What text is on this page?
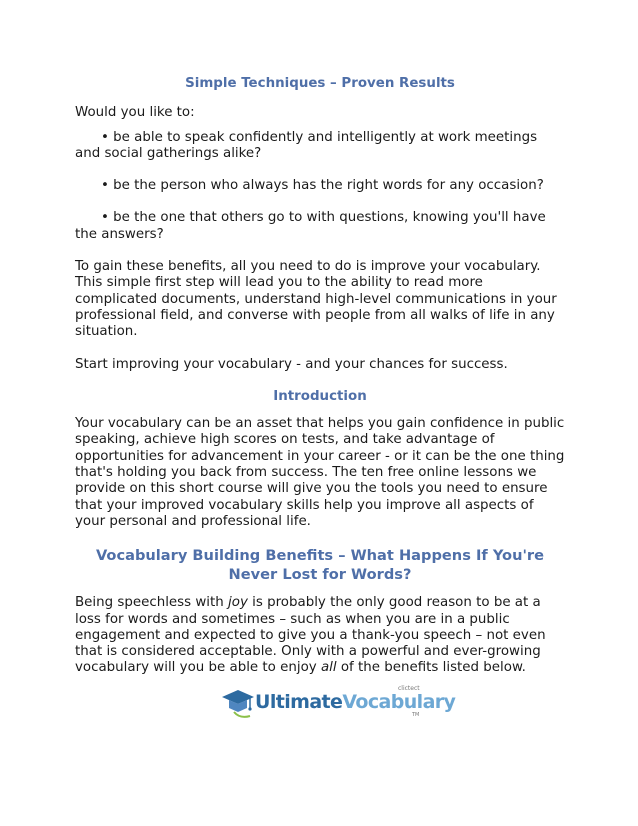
Simple Techniques – Proven Results

Would you like to:

• be able to speak confidently and intelligently at work meetings and social gatherings alike?

• be the person who always has the right words for any occasion?

• be the one that others go to with questions, knowing you'll have the answers?

To gain these benefits, all you need to do is improve your vocabulary. This simple first step will lead you to the ability to read more complicated documents, understand high-level communications in your professional field, and converse with people from all walks of life in any situation.

Start improving your vocabulary - and your chances for success.

Introduction

Your vocabulary can be an asset that helps you gain confidence in public speaking, achieve high scores on tests, and take advantage of opportunities for advancement in your career - or it can be the one thing that's holding you back from success. The ten free online lessons we provide on this short course will give you the tools you need to ensure that your improved vocabulary skills help you improve all aspects of your personal and professional life.

Vocabulary Building Benefits – What Happens If You're Never Lost for Words?

Being speechless with joy is probably the only good reason to be at a loss for words and sometimes – such as when you are in a public engagement and expected to give you a thank-you speech – not even that is considered acceptable. Only with a powerful and ever-growing vocabulary will you be able to enjoy all of the benefits listed below.

UltimateVocabulary
clictect
TM
